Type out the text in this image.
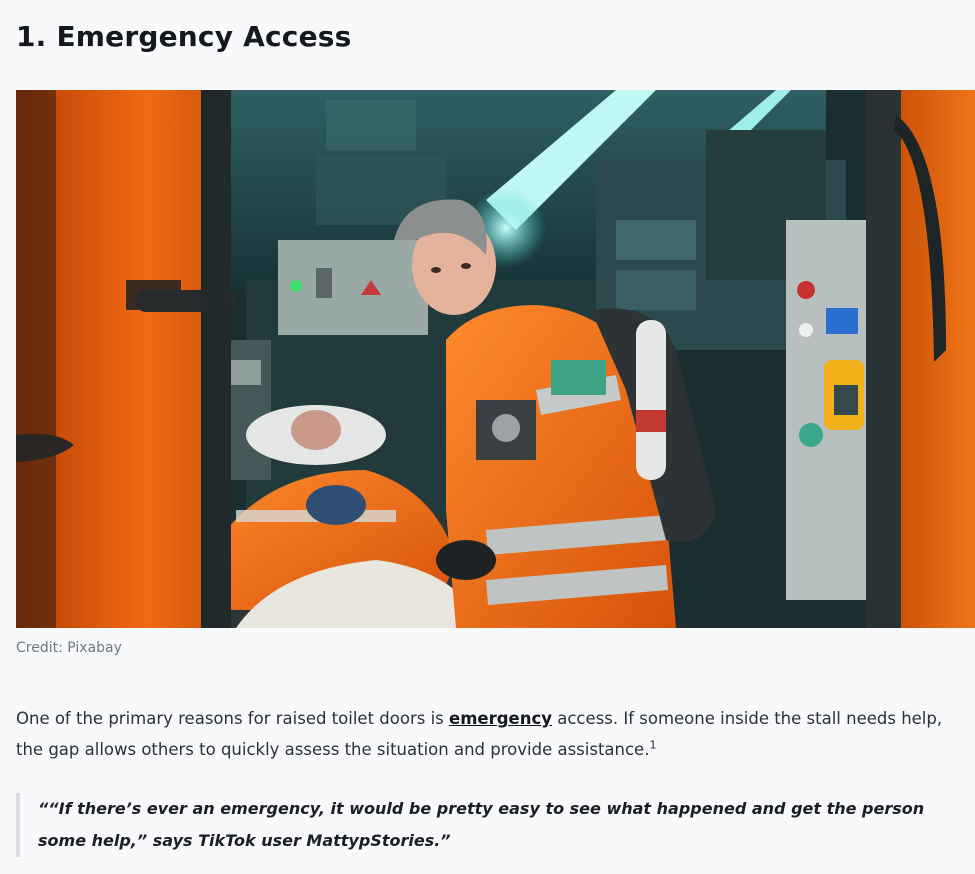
1. Emergency Access
Credit: Pixabay

One of the primary reasons for raised toilet doors is emergency access. If someone inside the stall needs help, the gap allows others to quickly assess the situation and provide assistance.$^1$

““If there’s ever an emergency, it would be pretty easy to see what happened and get the person some help,” says TikTok user MattypStories.”
